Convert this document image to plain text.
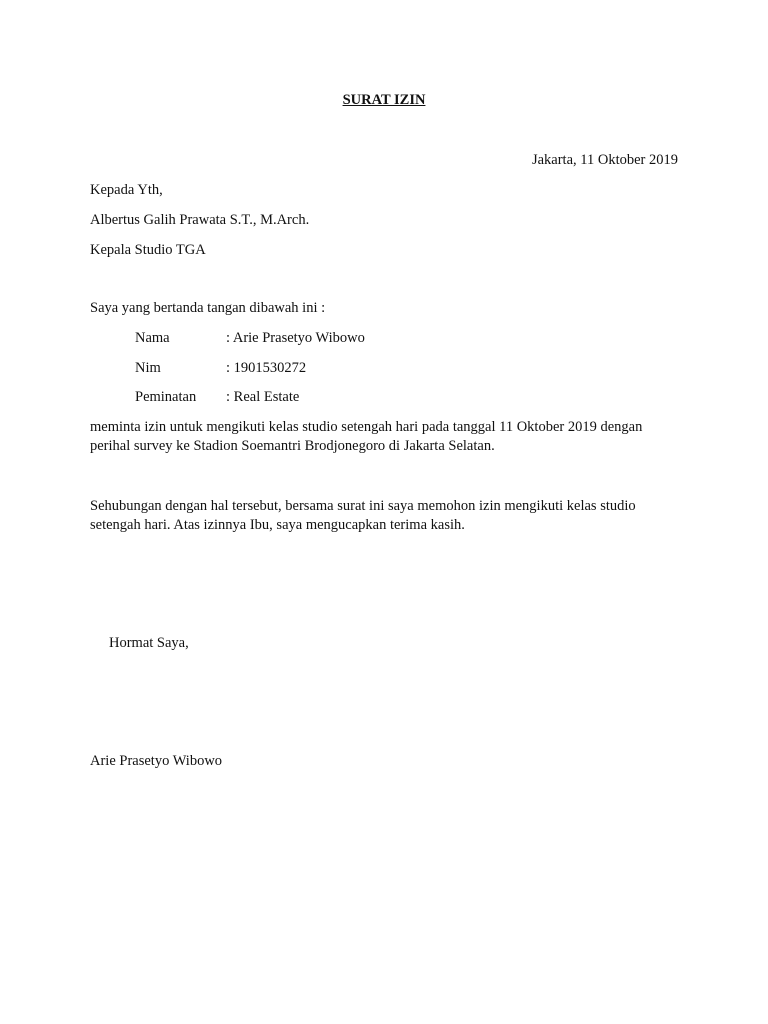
SURAT IZIN
Jakarta, 11 Oktober 2019
Kepada Yth,
Albertus Galih Prawata S.T., M.Arch.
Kepala Studio TGA
Saya yang bertanda tangan dibawah ini :
Nama	: Arie Prasetyo Wibowo
Nim	: 1901530272
Peminatan : Real Estate
meminta izin untuk mengikuti kelas studio setengah hari pada tanggal 11 Oktober 2019 dengan perihal survey ke Stadion Soemantri Brodjonegoro di Jakarta Selatan.
Sehubungan dengan hal tersebut, bersama surat ini saya memohon izin mengikuti kelas studio setengah hari. Atas izinnya Ibu, saya mengucapkan terima kasih.
Hormat Saya,
Arie Prasetyo Wibowo
